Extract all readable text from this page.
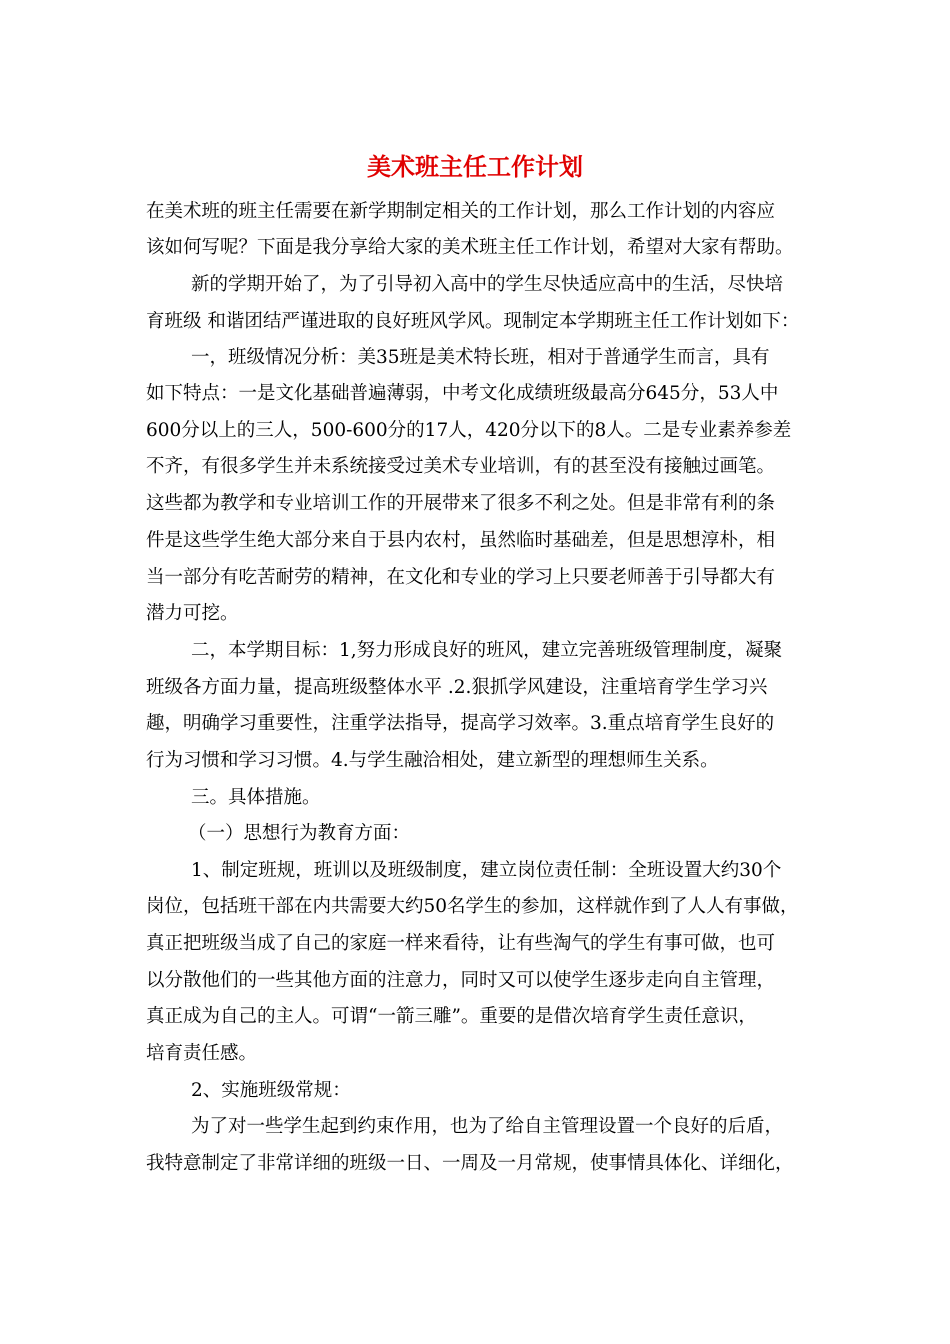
美术班主任工作计划
在美术班的班主任需要在新学期制定相关的工作计划，那么工作计划的内容应
该如何写呢？下面是我分享给大家的美术班主任工作计划，希望对大家有帮助。
新的学期开始了，为了引导初入高中的学生尽快适应高中的生活，尽快培
育班级 和谐团结严谨进取的良好班风学风。现制定本学期班主任工作计划如下：
一，班级情况分析：美35班是美术特长班，相对于普通学生而言，具有
如下特点：一是文化基础普遍薄弱，中考文化成绩班级最高分645分，53人中
600分以上的三人，500-600分的17人，420分以下的8人。二是专业素养参差
不齐，有很多学生并未系统接受过美术专业培训，有的甚至没有接触过画笔。
这些都为教学和专业培训工作的开展带来了很多不利之处。但是非常有利的条
件是这些学生绝大部分来自于县内农村，虽然临时基础差，但是思想淳朴，相
当一部分有吃苦耐劳的精神，在文化和专业的学习上只要老师善于引导都大有
潜力可挖。
二，本学期目标：1,努力形成良好的班风，建立完善班级管理制度，凝聚
班级各方面力量，提高班级整体水平 .2.狠抓学风建设，注重培育学生学习兴
趣，明确学习重要性，注重学法指导，提高学习效率。3.重点培育学生良好的
行为习惯和学习习惯。4.与学生融洽相处，建立新型的理想师生关系。
三。具体措施。
（一）思想行为教育方面：
1、制定班规，班训以及班级制度，建立岗位责任制：全班设置大约30个
岗位，包括班干部在内共需要大约50名学生的参加，这样就作到了人人有事做，
真正把班级当成了自己的家庭一样来看待，让有些淘气的学生有事可做，也可
以分散他们的一些其他方面的注意力，同时又可以使学生逐步走向自主管理，
真正成为自己的主人。可谓“一箭三雕”。重要的是借次培育学生责任意识，
培育责任感。
2、实施班级常规：
为了对一些学生起到约束作用，也为了给自主管理设置一个良好的后盾，
我特意制定了非常详细的班级一日、一周及一月常规，使事情具体化、详细化，
